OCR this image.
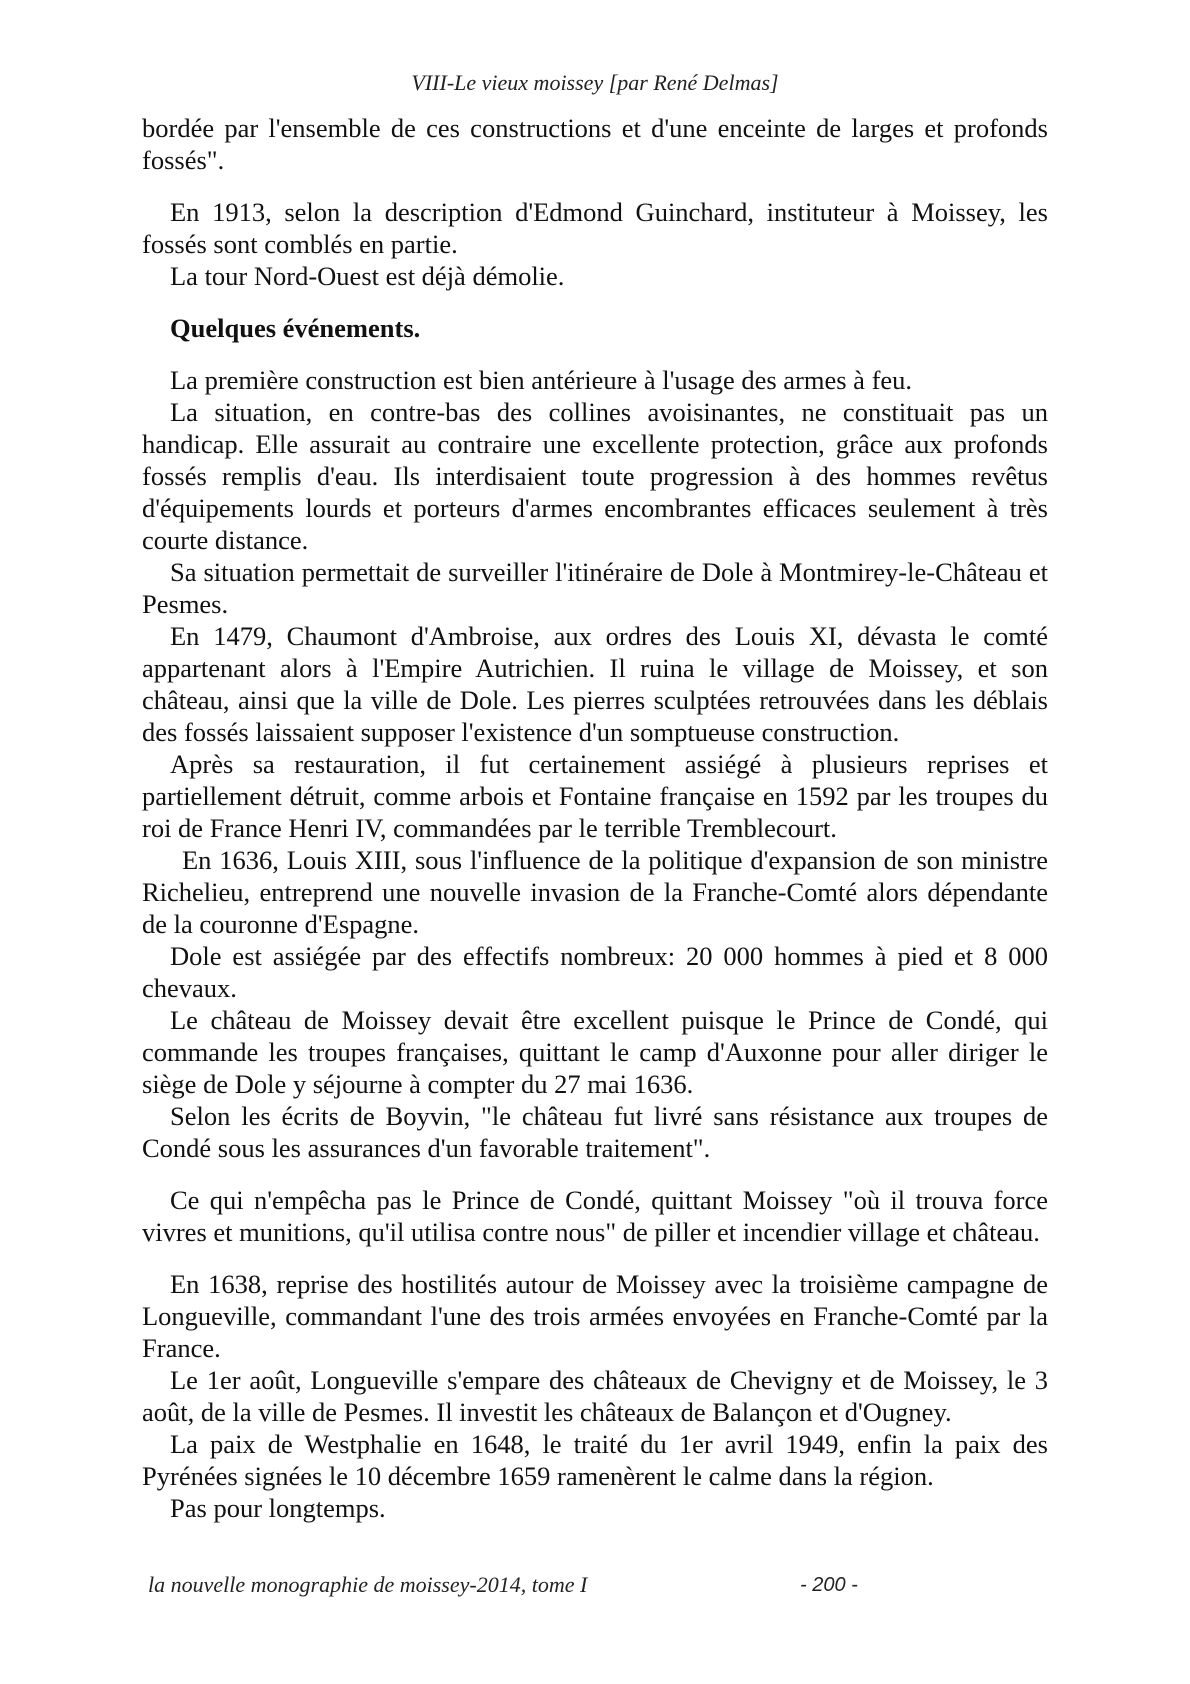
VIII-Le vieux moissey [par René Delmas]

bordée par l'ensemble de ces constructions et d'une enceinte de larges et profonds fossés".

En 1913, selon la description d'Edmond Guinchard, instituteur à Moissey, les fossés sont comblés en partie.

La tour Nord-Ouest est déjà démolie.

Quelques événements.

La première construction est bien antérieure à l'usage des armes à feu.

La situation, en contre-bas des collines avoisinantes, ne constituait pas un handicap. Elle assurait au contraire une excellente protection, grâce aux profonds fossés remplis d'eau. Ils interdisaient toute progression à des hommes revêtus d'équipements lourds et porteurs d'armes encombrantes efficaces seulement à très courte distance.

Sa situation permettait de surveiller l'itinéraire de Dole à Montmirey-le-Château et Pesmes.

En 1479, Chaumont d'Ambroise, aux ordres des Louis XI, dévasta le comté appartenant alors à l'Empire Autrichien. Il ruina le village de Moissey, et son château, ainsi que la ville de Dole. Les pierres sculptées retrouvées dans les déblais des fossés laissaient supposer l'existence d'un somptueuse construction.

Après sa restauration, il fut certainement assiégé à plusieurs reprises et partiellement détruit, comme arbois et Fontaine française en 1592 par les troupes du roi de France Henri IV, commandées par le terrible Tremblecourt.

En 1636, Louis XIII, sous l'influence de la politique d'expansion de son ministre Richelieu, entreprend une nouvelle invasion de la Franche-Comté alors dépendante de la couronne d'Espagne.

Dole est assiégée par des effectifs nombreux: 20 000 hommes à pied et 8 000 chevaux.

Le château de Moissey devait être excellent puisque le Prince de Condé, qui commande les troupes françaises, quittant le camp d'Auxonne pour aller diriger le siège de Dole y séjourne à compter du 27 mai 1636.

Selon les écrits de Boyvin, "le château fut livré sans résistance aux troupes de Condé sous les assurances d'un favorable traitement".

Ce qui n'empêcha pas le Prince de Condé, quittant Moissey "où il trouva force vivres et munitions, qu'il utilisa contre nous" de piller et incendier village et château.

En 1638, reprise des hostilités autour de Moissey avec la troisième campagne de Longueville, commandant l'une des trois armées envoyées en Franche-Comté par la France.

Le 1er août, Longueville s'empare des châteaux de Chevigny et de Moissey, le 3 août, de la ville de Pesmes. Il investit les châteaux de Balançon et d'Ougney.

La paix de Westphalie en 1648, le traité du 1er avril 1949, enfin la paix des Pyrénées signées le 10 décembre 1659 ramenèrent le calme dans la région.

Pas pour longtemps.

la nouvelle monographie de moissey-2014, tome I	- 200 -
